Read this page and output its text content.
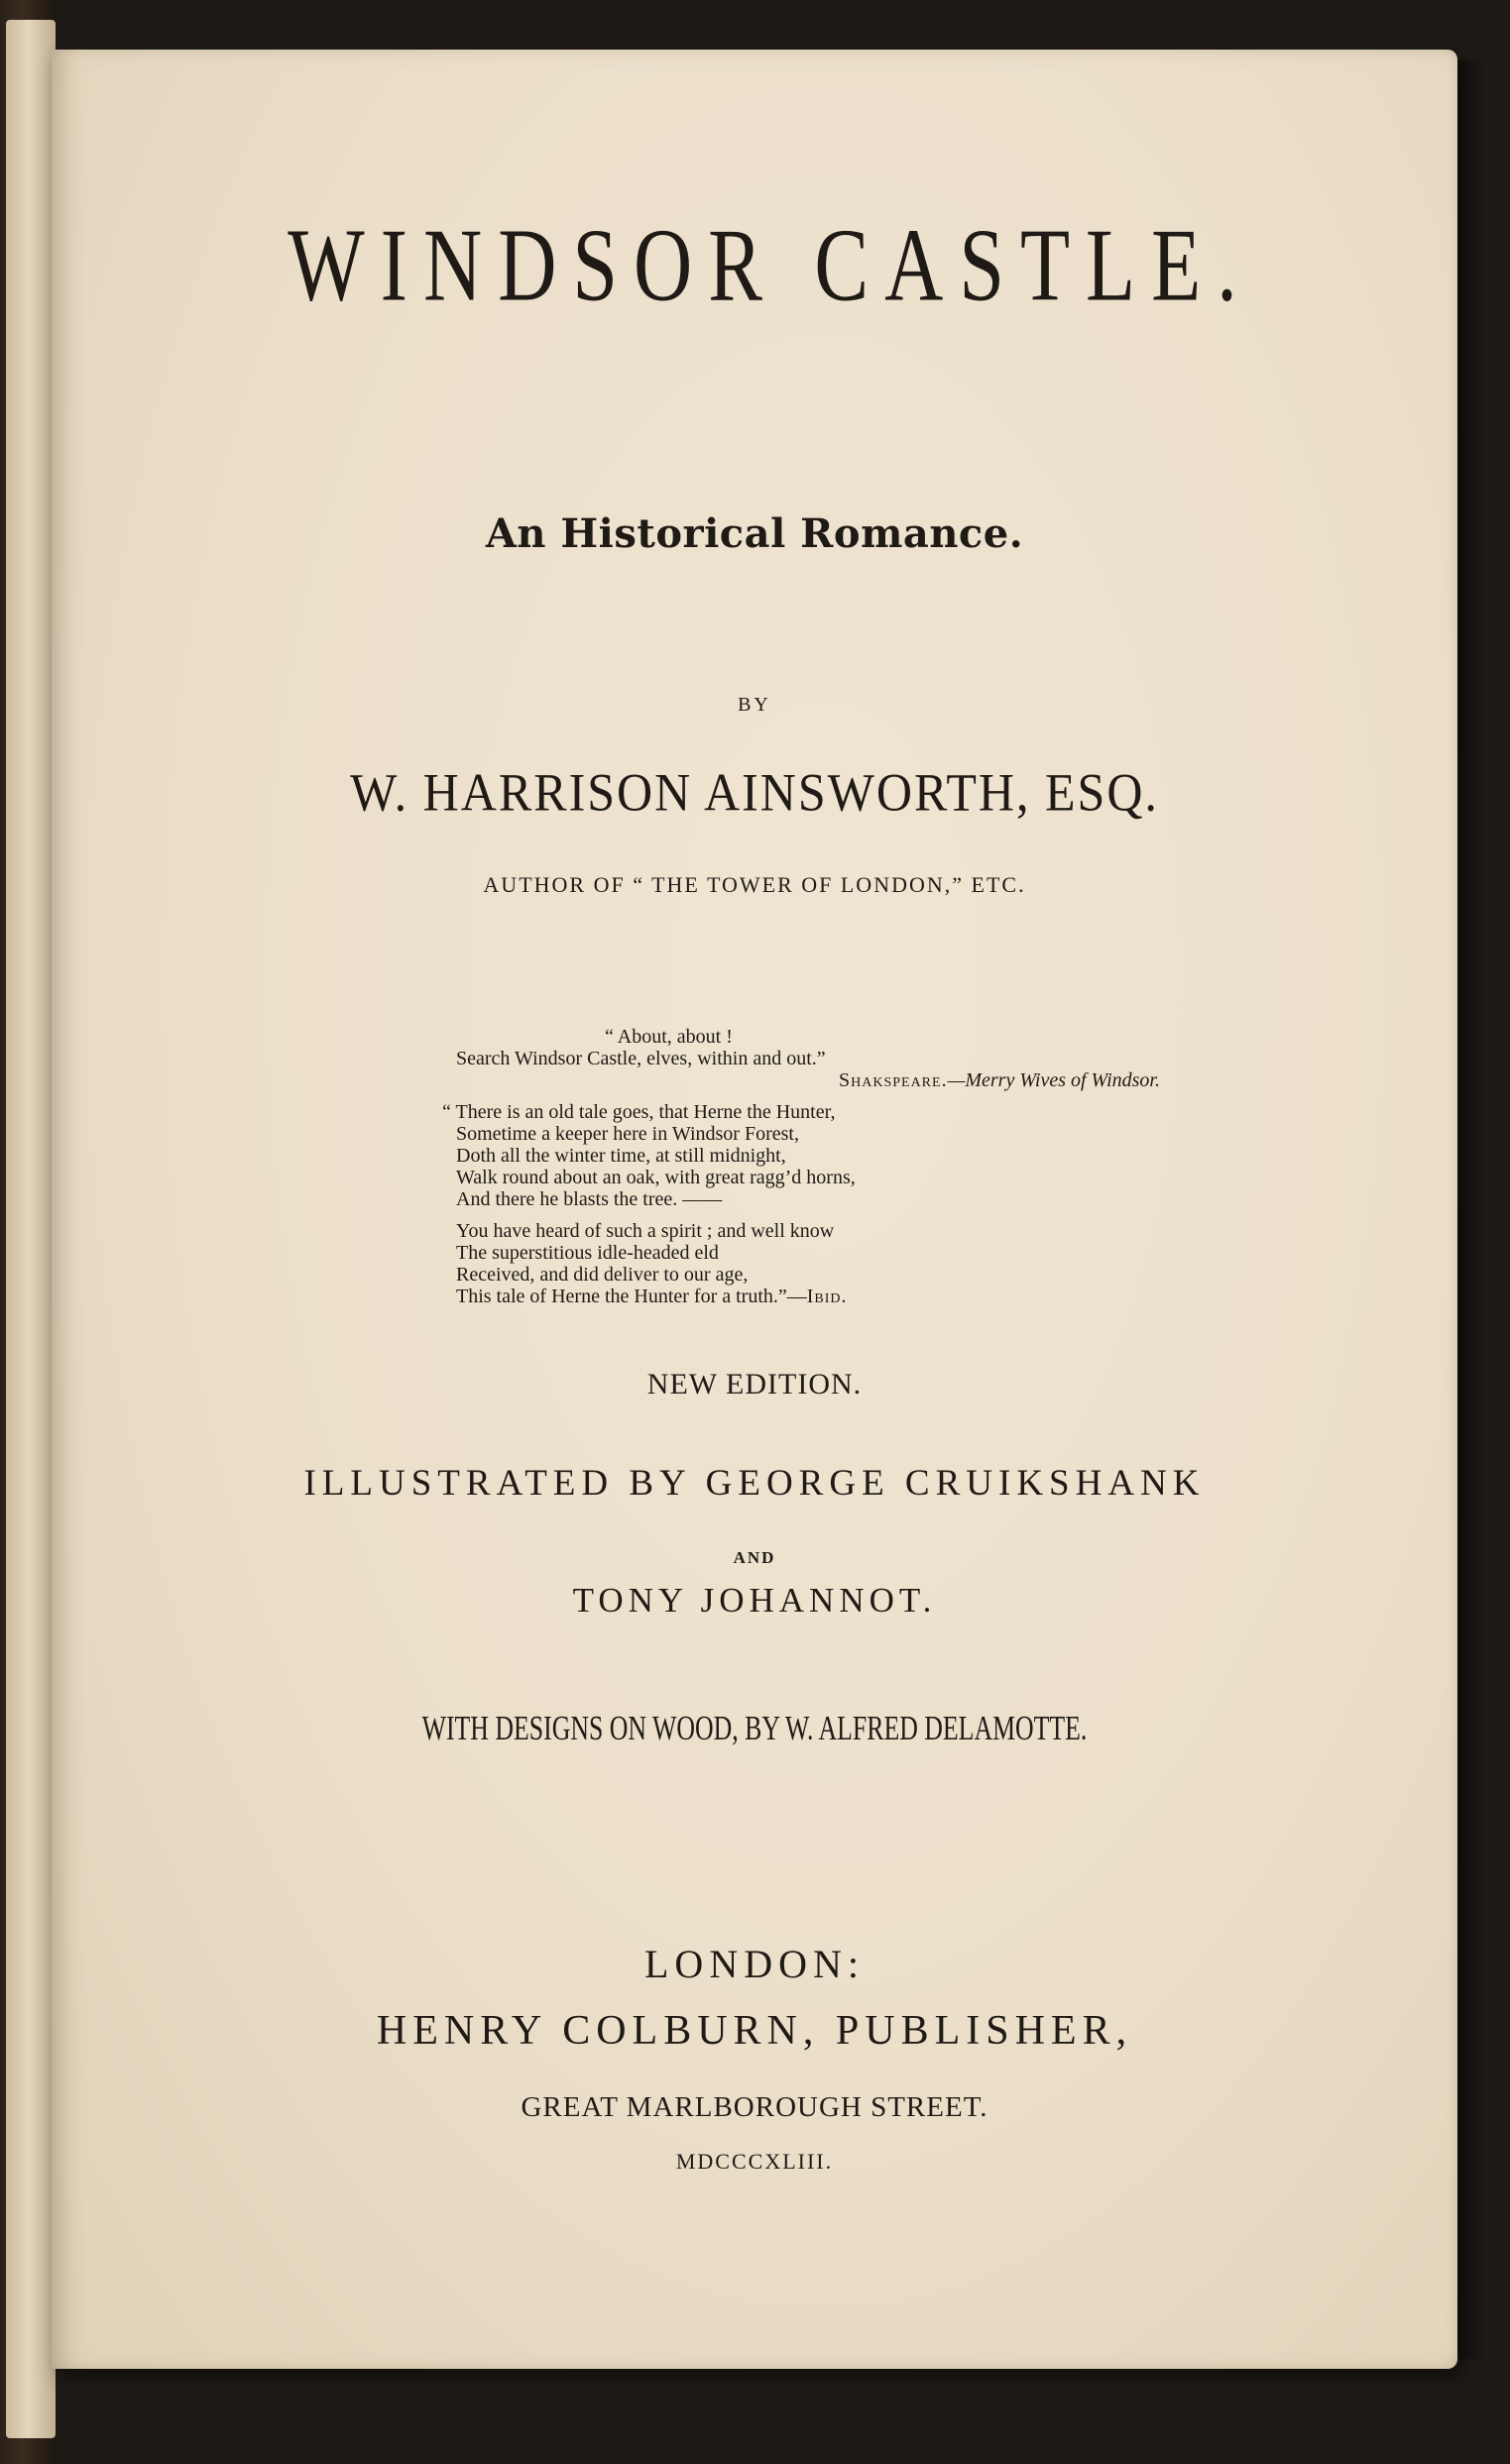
WINDSOR CASTLE.

An Historical Romance.

BY

W. HARRISON AINSWORTH, ESQ.

AUTHOR OF “ THE TOWER OF LONDON,” ETC.

“ About, about !
Search Windsor Castle, elves, within and out.”
Shakspeare.—Merry Wives of Windsor.
“ There is an old tale goes, that Herne the Hunter,
Sometime a keeper here in Windsor Forest,
Doth all the winter time, at still midnight,
Walk round about an oak, with great ragg’d horns,
And there he blasts the tree. ——
You have heard of such a spirit ; and well know
The superstitious idle-headed eld
Received, and did deliver to our age,
This tale of Herne the Hunter for a truth.”—Ibid.

NEW EDITION.

ILLUSTRATED BY GEORGE CRUIKSHANK

AND

TONY JOHANNOT.

WITH DESIGNS ON WOOD, BY W. ALFRED DELAMOTTE.

LONDON:

HENRY COLBURN, PUBLISHER,

GREAT MARLBOROUGH STREET.

MDCCCXLIII.
